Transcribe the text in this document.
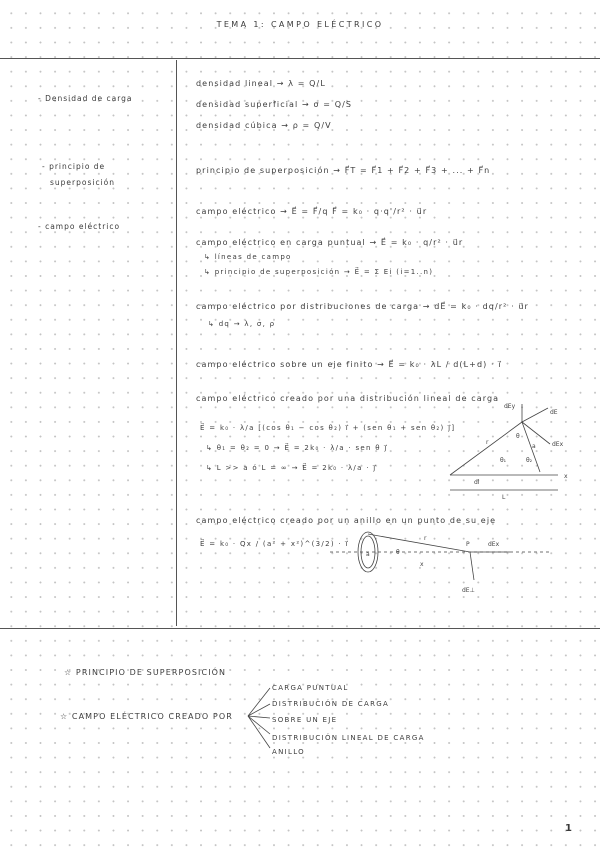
TEMA 1: CAMPO ELÉCTRICO
- Densidad de carga
- principio de
superposición
- campo eléctrico
densidad lineal → λ = Q/L
densidad superficial → σ = Q/S
densidad cúbica → ρ = Q/V
principio de superposición → F⃗T = F⃗1 + F⃗2 + F⃗3 + ... + F⃗n
campo eléctrico → E⃗ = F⃗/q F⃗ = k₀ · q·q'/r² · u⃗r
campo eléctrico en carga puntual → E⃗ = k₀ · q/r² · u⃗r
↳ líneas de campo
↳ principio de superposición → E⃗ = Σ Ei (i=1..n)
campo eléctrico por distribuciones de carga → dE⃗ = k₀ · dq/r² · u⃗r
↳ dq → λ, σ, ρ
campo eléctrico sobre un eje finito → E⃗ = k₀ · λL / d(L+d) · i⃗
campo eléctrico creado por una distribución lineal de carga
E⃗ = k₀ · λ/a [(cos θ₁ − cos θ₂) i⃗ + (sen θ₁ + sen θ₂) j⃗]
↳ θ₁ = θ₂ = 0 → E⃗ = 2k₀ · λ/a · sen θ j⃗
↳ L >> a ó L = ∞ → E⃗ = 2k₀ · λ/a · j⃗
campo eléctrico creado por un anillo en un punto de su eje
E⃗ = k₀ · Qx / (a² + x²)^(3/2) · i⃗
dEy
dE
dEx
dl
L
θ
θ₁	θ₂
a
x
r
a	θ
x
r
P	dEx
dE⊥
☆ PRINCIPIO DE SUPERPOSICIÓN
☆ CAMPO ELÉCTRICO CREADO POR
CARGA PUNTUAL
DISTRIBUCIÓN DE CARGA
SOBRE UN EJE
DISTRIBUCIÓN LINEAL DE CARGA
ANILLO
1
